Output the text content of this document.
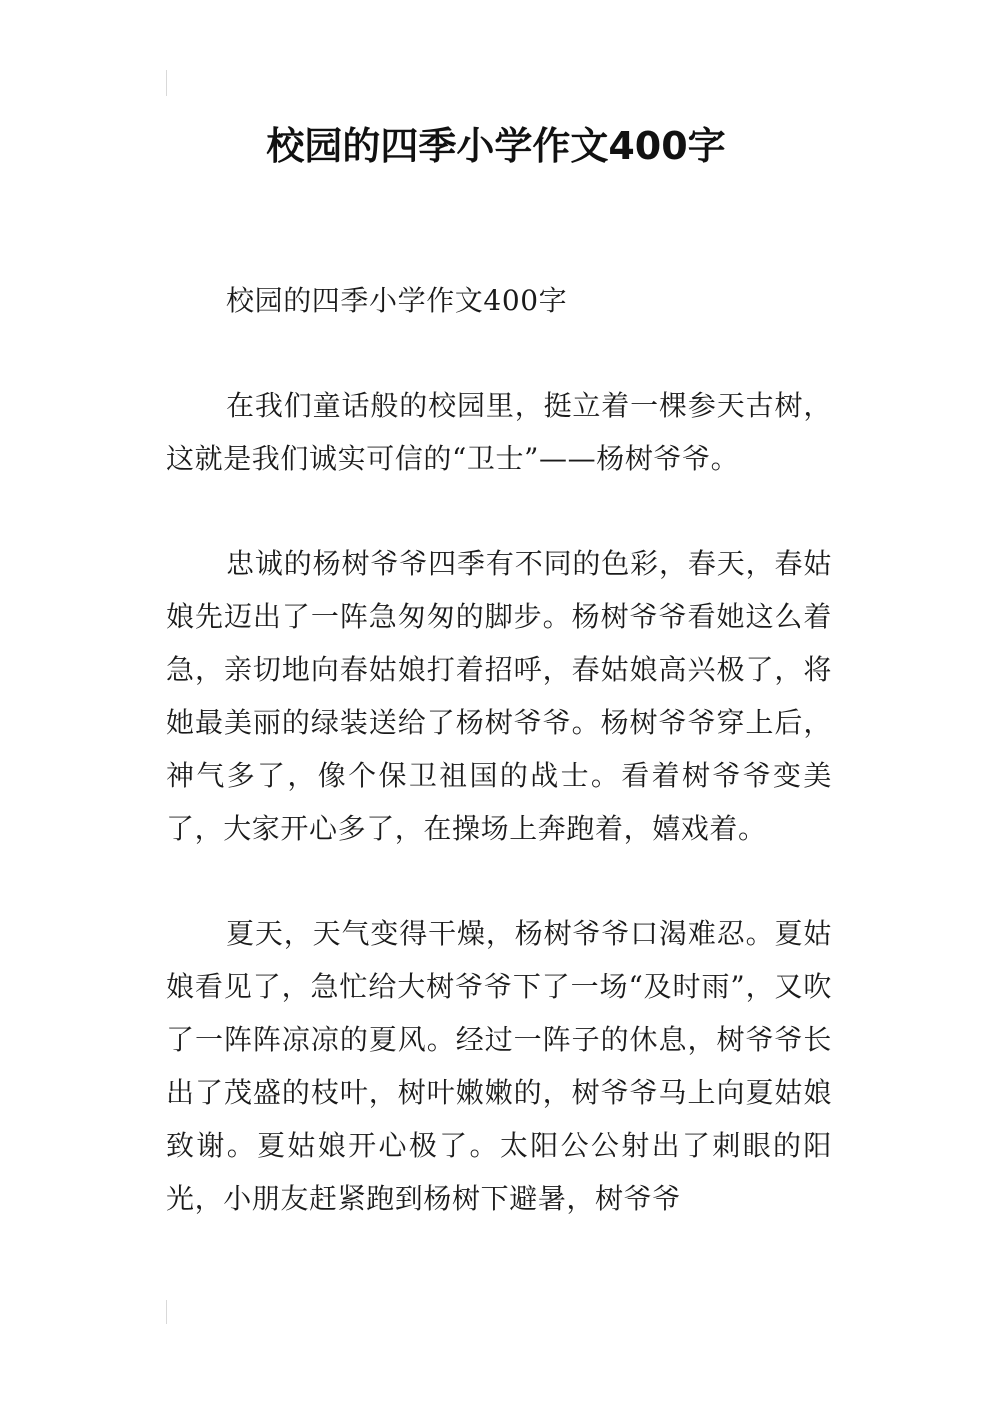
校园的四季小学作文400字

校园的四季小学作文400字

在我们童话般的校园里，挺立着一棵参天古树，这就是我们诚实可信的“卫士”——杨树爷爷。

忠诚的杨树爷爷四季有不同的色彩，春天，春姑娘先迈出了一阵急匆匆的脚步。杨树爷爷看她这么着急，亲切地向春姑娘打着招呼，春姑娘高兴极了，将她最美丽的绿装送给了杨树爷爷。杨树爷爷穿上后，神气多了，像个保卫祖国的战士。看着树爷爷变美了，大家开心多了，在操场上奔跑着，嬉戏着。

夏天，天气变得干燥，杨树爷爷口渴难忍。夏姑娘看见了，急忙给大树爷爷下了一场“及时雨”，又吹了一阵阵凉凉的夏风。经过一阵子的休息，树爷爷长出了茂盛的枝叶，树叶嫩嫩的，树爷爷马上向夏姑娘致谢。夏姑娘开心极了。太阳公公射出了刺眼的阳光，小朋友赶紧跑到杨树下避暑，树爷爷
